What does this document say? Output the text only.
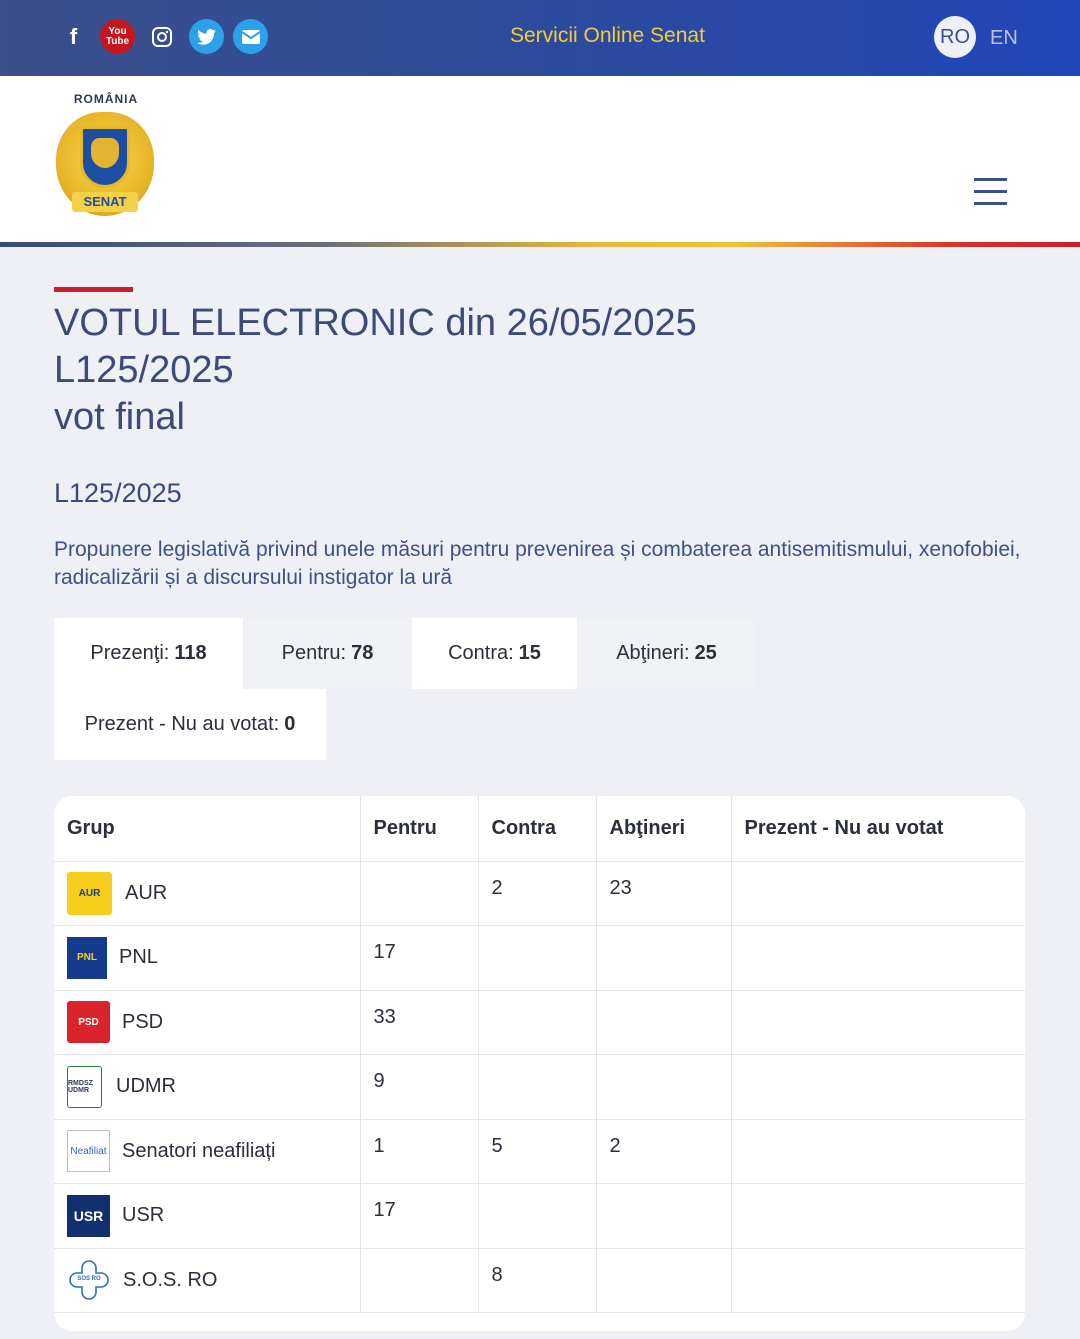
f	You Tube	Servicii Online Senat	RO	EN
ROMÂNIA
SENAT
VOTUL ELECTRONIC din 26/05/2025
L125/2025
vot final
L125/2025
Propunere legislativă privind unele măsuri pentru prevenirea și combaterea antisemitismului, xenofobiei, radicalizării și a discursului instigator la ură
Prezenţi: 118	Pentru: 78	Contra: 15	Abţineri: 25
Prezent - Nu au votat: 0
Grup	Pentru	Contra	Abţineri	Prezent - Nu au votat

AUR AUR		2	23	

PNL PNL	17			

PSD PSD	33			

RMDSZ UDMR UDMR	9			

Neafiliat Senatori neafiliați	1	5	2	

USR USR	17			

SOS RO S.O.S. RO		8		
